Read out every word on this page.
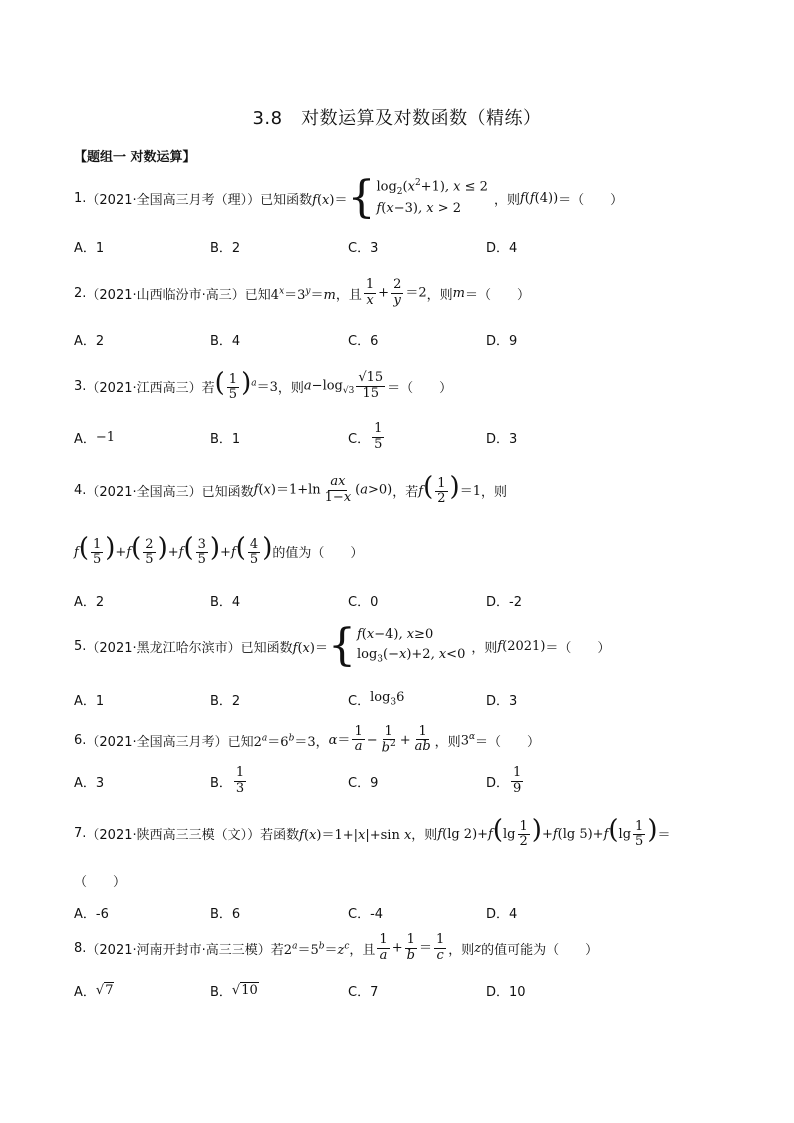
3.8　对数运算及对数函数（精练）
【题组一 对数运算】
1. （2021·全国高三月考（理）） 已知函数 f(x)＝ { $\log_2(x^2+1)$, x ≤ 2
f(x−3), x > 2
，则 f(f(4)) ＝（　　）
A．1	B．2	C．3	D．4
2. （2021·山西临汾市·高三） 已知 $4^x=3^y=m$ ，且 $\frac{1}{x} + \frac{2}{y} =2$ ，则 m ＝（　　）
A．2	B．4	C．6	D．9
3. （2021·江西高三） 若 ( $\frac{1}{5} )^a=3$ ，则 $a-\log_{√3} \frac{√15}{15}$ ＝（　　）
A． −1	B．1	C． $\frac{1}{5}$	D．3
4. （2021·全国高三） 已知函数 $f(x)=1+\ln \frac{ax}{1-x} (a>0)$ ，若 $f( \frac{1}{2} )=1$ ，则
$f( \frac{1}{5} )+f( \frac{2}{5} )+f( \frac{3}{5} )+f( \frac{4}{5}$ ) 的值为（　　）
A．2	B．4	C．0	D．-2
5. （2021·黑龙江哈尔滨市） 已知函数 f(x)＝ { f(x−4), x≥0
$\log_3(-x)+2$, x<0 ，则 f(2021) ＝（　　）
A．1	B．2	C． $\log_36$	D．3
6. （2021·全国高三月考） 已知 $2^a=6^b=3$ ， $\alpha= \frac{1}{a} - \frac{1}{b^2} + \frac{1}{ab}$ ，则 $3^\alpha$ ＝（　　）
A．3	B． $\frac{1}{3}$	C．9	D． $\frac{1}{9}$
7. （2021·陕西高三三模（文）） 若函数 f(x)＝1+|x|+sin x ，则 f(lg $2)+f(\lg \frac{1}{2} )+f(\lg$ $5)+f(\lg \frac{1}{5}$ ) ＝
（　　）
A．-6	B．6	C．-4	D．4
8. （2021·河南开封市·高三三模） 若 $2^a=5^b=z^c$ ，且 $\frac{1}{a} + \frac{1}{b} = \frac{1}{c}$ ，则 z 的值可能为（　　）
A． √7	B． √10	C．7	D．10
